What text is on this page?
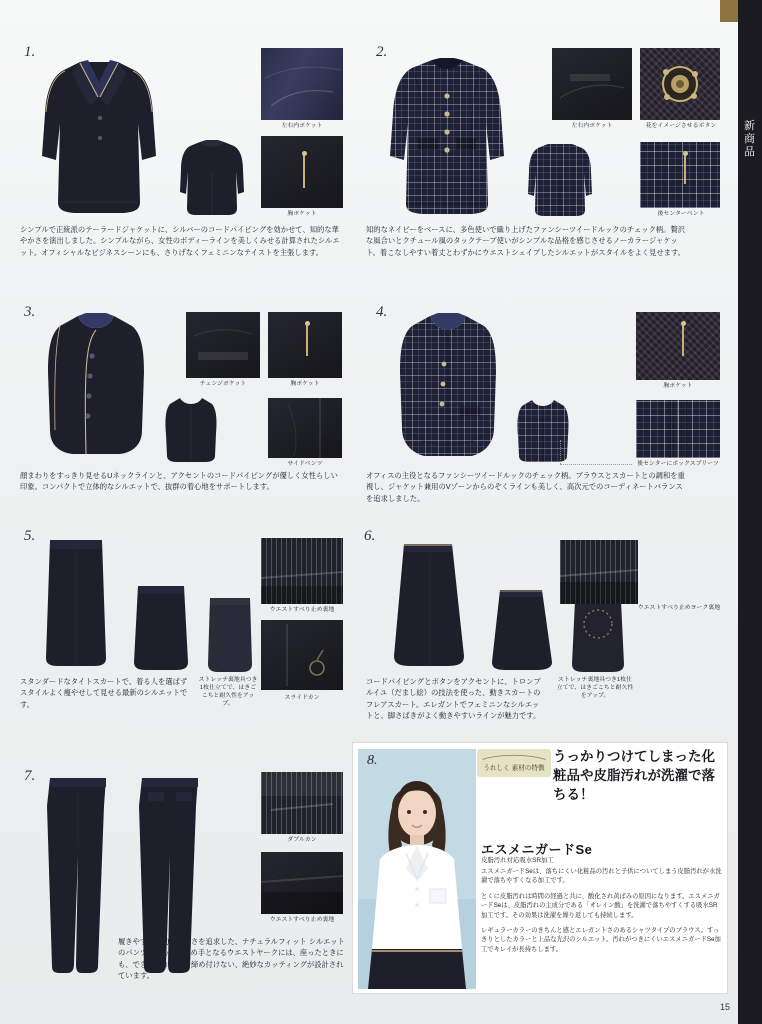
新
商
品
1.
左右内ポケット
胸ポケット
シンプルで正統派のテーラードジャケットに、シルバーのコードパイピングを効かせて、知的な華やかさを演出しました。シンプルながら、女性のボディーラインを美しくみせる計算されたシルエット。オフィシャルなビジネスシーンにも、さりげなくフェミニンなテイストを主張します。
2.
左右内ポケット	花をイメージさせるボタン
後センターベント
知的なネイビーをベースに、多色使いで織り上げたファンシーツイードルックのチェック柄。贅沢な風合いとクチュール風のタックテープ使いがシンプルな品格を感じさせるノーカラージャケット。着こなしやすい着丈とわずかにウエストシェイプしたシルエットがスタイルをよく見せます。
3.
チェンジポケット	胸ポケット
サイドベンツ
顔まわりをすっきり見せるUネックラインと、アクセントのコードパイピングが優しく女性らしい印象。コンパクトで立体的なシルエットで、抜群の着心地をサポートします。
4.
胸ポケット
後センターにボックスプリーツ
オフィスの主役となるファンシーツイードルックのチェック柄。ブラウスとスカートとの調和を重視し、ジャケット兼用のVゾーンからのぞくラインも美しく、高次元でのコーディネートバランスを追求しました。
5.
ウエストすべり止め裏地
ストレッチ裏地具つき1枚仕立てで、はきごこちと耐久性をアップ。
スライドカン
スタンダードなタイトスカートで、着る人を選ばずスタイルよく瘦やせして見せる最新のシルエットです。
6.
ウエストすべり止めヨーク裏地
ストレッチ裏地具つき1枚仕立てで、はきごこちと耐久性をアップ。
コードパイピングとボタンをアクセントに、トロンプルイユ（だまし絵）の技法を使った、動きスカートのフレアスカート。エレガントでフェミニンなシルエットと、脚さばきがよく動きやすいラインが魅力です。
7.
ダブルカン
ウエストすべり止め裏地
履きやすさと動きやすさを追求した、ナチュラルフィット シルエットのパンツ。着心地の決め手となるウエストヤークには、座ったときにも、できる限り腹部を締め付けない、絶妙なカッティングが設計されています。
8.
うれしく 素材の特徴
うっかりつけてしまった化粧品や皮脂汚れが洗濯で落ちる！
エスメニガードSe
皮脂汚れ対応吸水SR加工

エスメニガードSeは、落ちにくい化粧品の汚れと子供についてしまう皮脂汚れが水洗濯で落ちやすくなる加工です。

とくに皮脂汚れは時間の経過と共に、酸化され黄ばみの原因になります。エスメニガードSeは、皮脂汚れの主成分である「オレイン酸」を洗濯で落ちやすくする吸水SR加工です。その効果は洗濯を繰り返しても持続します。

レギュラーカラーのきちんと感とエレガントさのあるシャツタイプのブラウス。すっきりとしたカラーと上品な光沢のシルエット。汚れがつきにくいエスメニガードSe加工でキレイが長持ちします。

15
